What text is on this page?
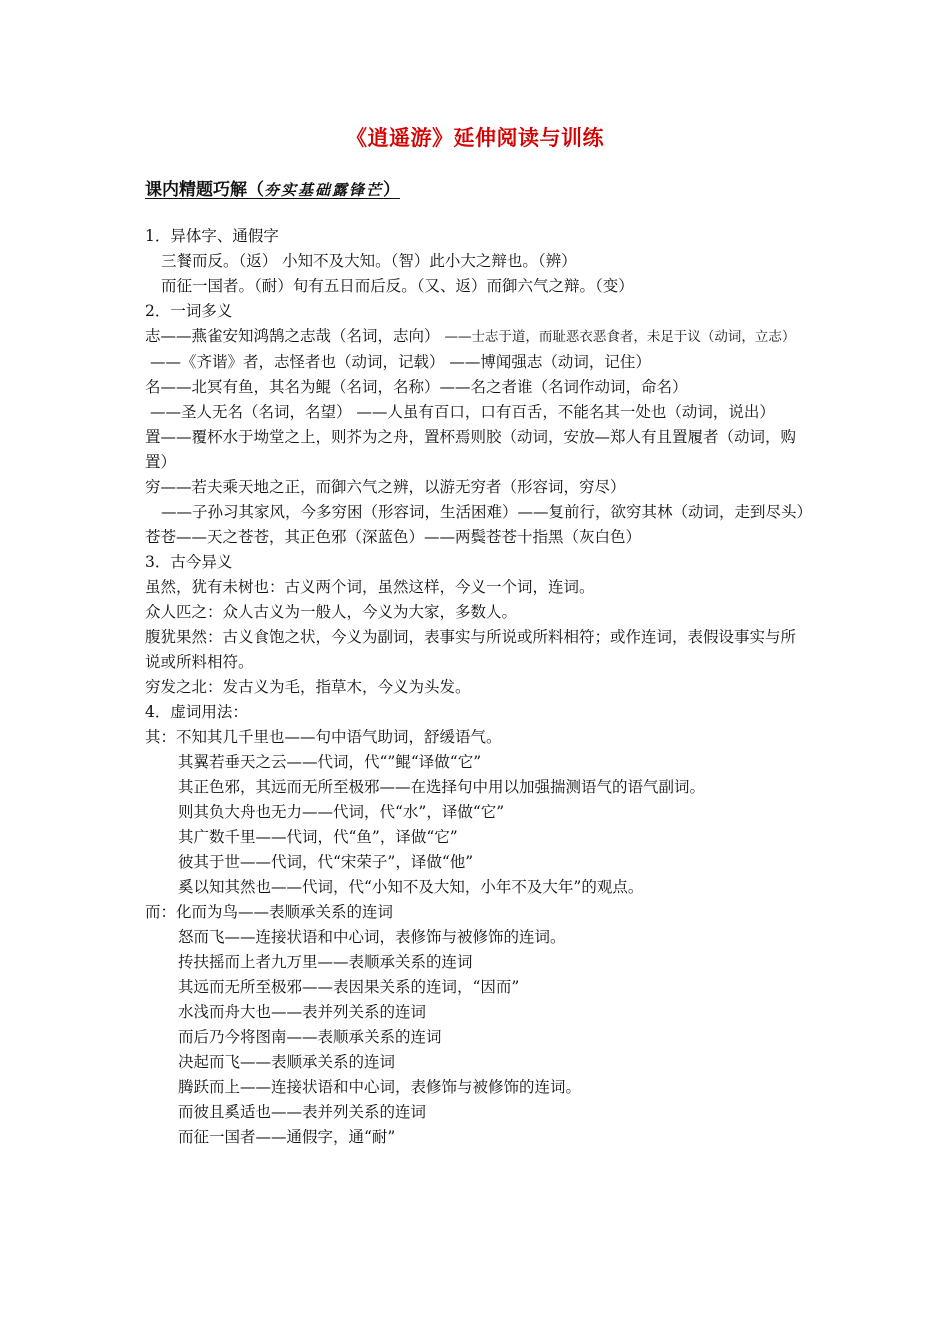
《逍遥游》延伸阅读与训练
课内精题巧解（夯实基础露锋芒）

1．异体字、通假字

三餐而反。（返） 小知不及大知。（智）此小大之辩也。（辨）

而征一国者。（耐）旬有五日而后反。（又、返）而御六气之辩。（变）

2．一词多义

志——燕雀安知鸿鹄之志哉（名词，志向） ——士志于道，而耻恶衣恶食者，未足于议（动词，立志）

——《齐谐》者，志怪者也（动词，记载） ——博闻强志（动词，记住）

名——北冥有鱼，其名为鲲（名词，名称）——名之者谁（名词作动词，命名）

——圣人无名（名词，名望） ——人虽有百口，口有百舌，不能名其一处也（动词，说出）

置——覆杯水于坳堂之上，则芥为之舟，置杯焉则胶（动词，安放—郑人有且置履者（动词，购置）

穷——若夫乘天地之正，而御六气之辨，以游无穷者（形容词，穷尽）

——子孙习其家风，今多穷困（形容词，生活困难）——复前行，欲穷其林（动词，走到尽头）

苍苍——天之苍苍，其正色邪（深蓝色）——两鬓苍苍十指黑（灰白色）

3．古今异义

虽然，犹有未树也：古义两个词，虽然这样，今义一个词，连词。

众人匹之：众人古义为一般人，今义为大家，多数人。

腹犹果然：古义食饱之状，今义为副词，表事实与所说或所料相符；或作连词，表假设事实与所说或所料相符。

穷发之北：发古义为毛，指草木，今义为头发。

4．虚词用法：

其：不知其几千里也——句中语气助词，舒缓语气。

其翼若垂天之云——代词，代“”鲲“译做“它”

其正色邪，其远而无所至极邪——在选择句中用以加强揣测语气的语气副词。

则其负大舟也无力——代词，代“水”，译做“它”

其广数千里——代词，代“鱼”，译做“它”

彼其于世——代词，代“宋荣子”，译做“他”

奚以知其然也——代词，代“小知不及大知，小年不及大年”的观点。

而：化而为鸟——表顺承关系的连词

怒而飞——连接状语和中心词，表修饰与被修饰的连词。

抟扶摇而上者九万里——表顺承关系的连词

其远而无所至极邪——表因果关系的连词，“因而”

水浅而舟大也——表并列关系的连词

而后乃今将图南——表顺承关系的连词

决起而飞——表顺承关系的连词

腾跃而上——连接状语和中心词，表修饰与被修饰的连词。

而彼且奚适也——表并列关系的连词

而征一国者——通假字，通“耐”
